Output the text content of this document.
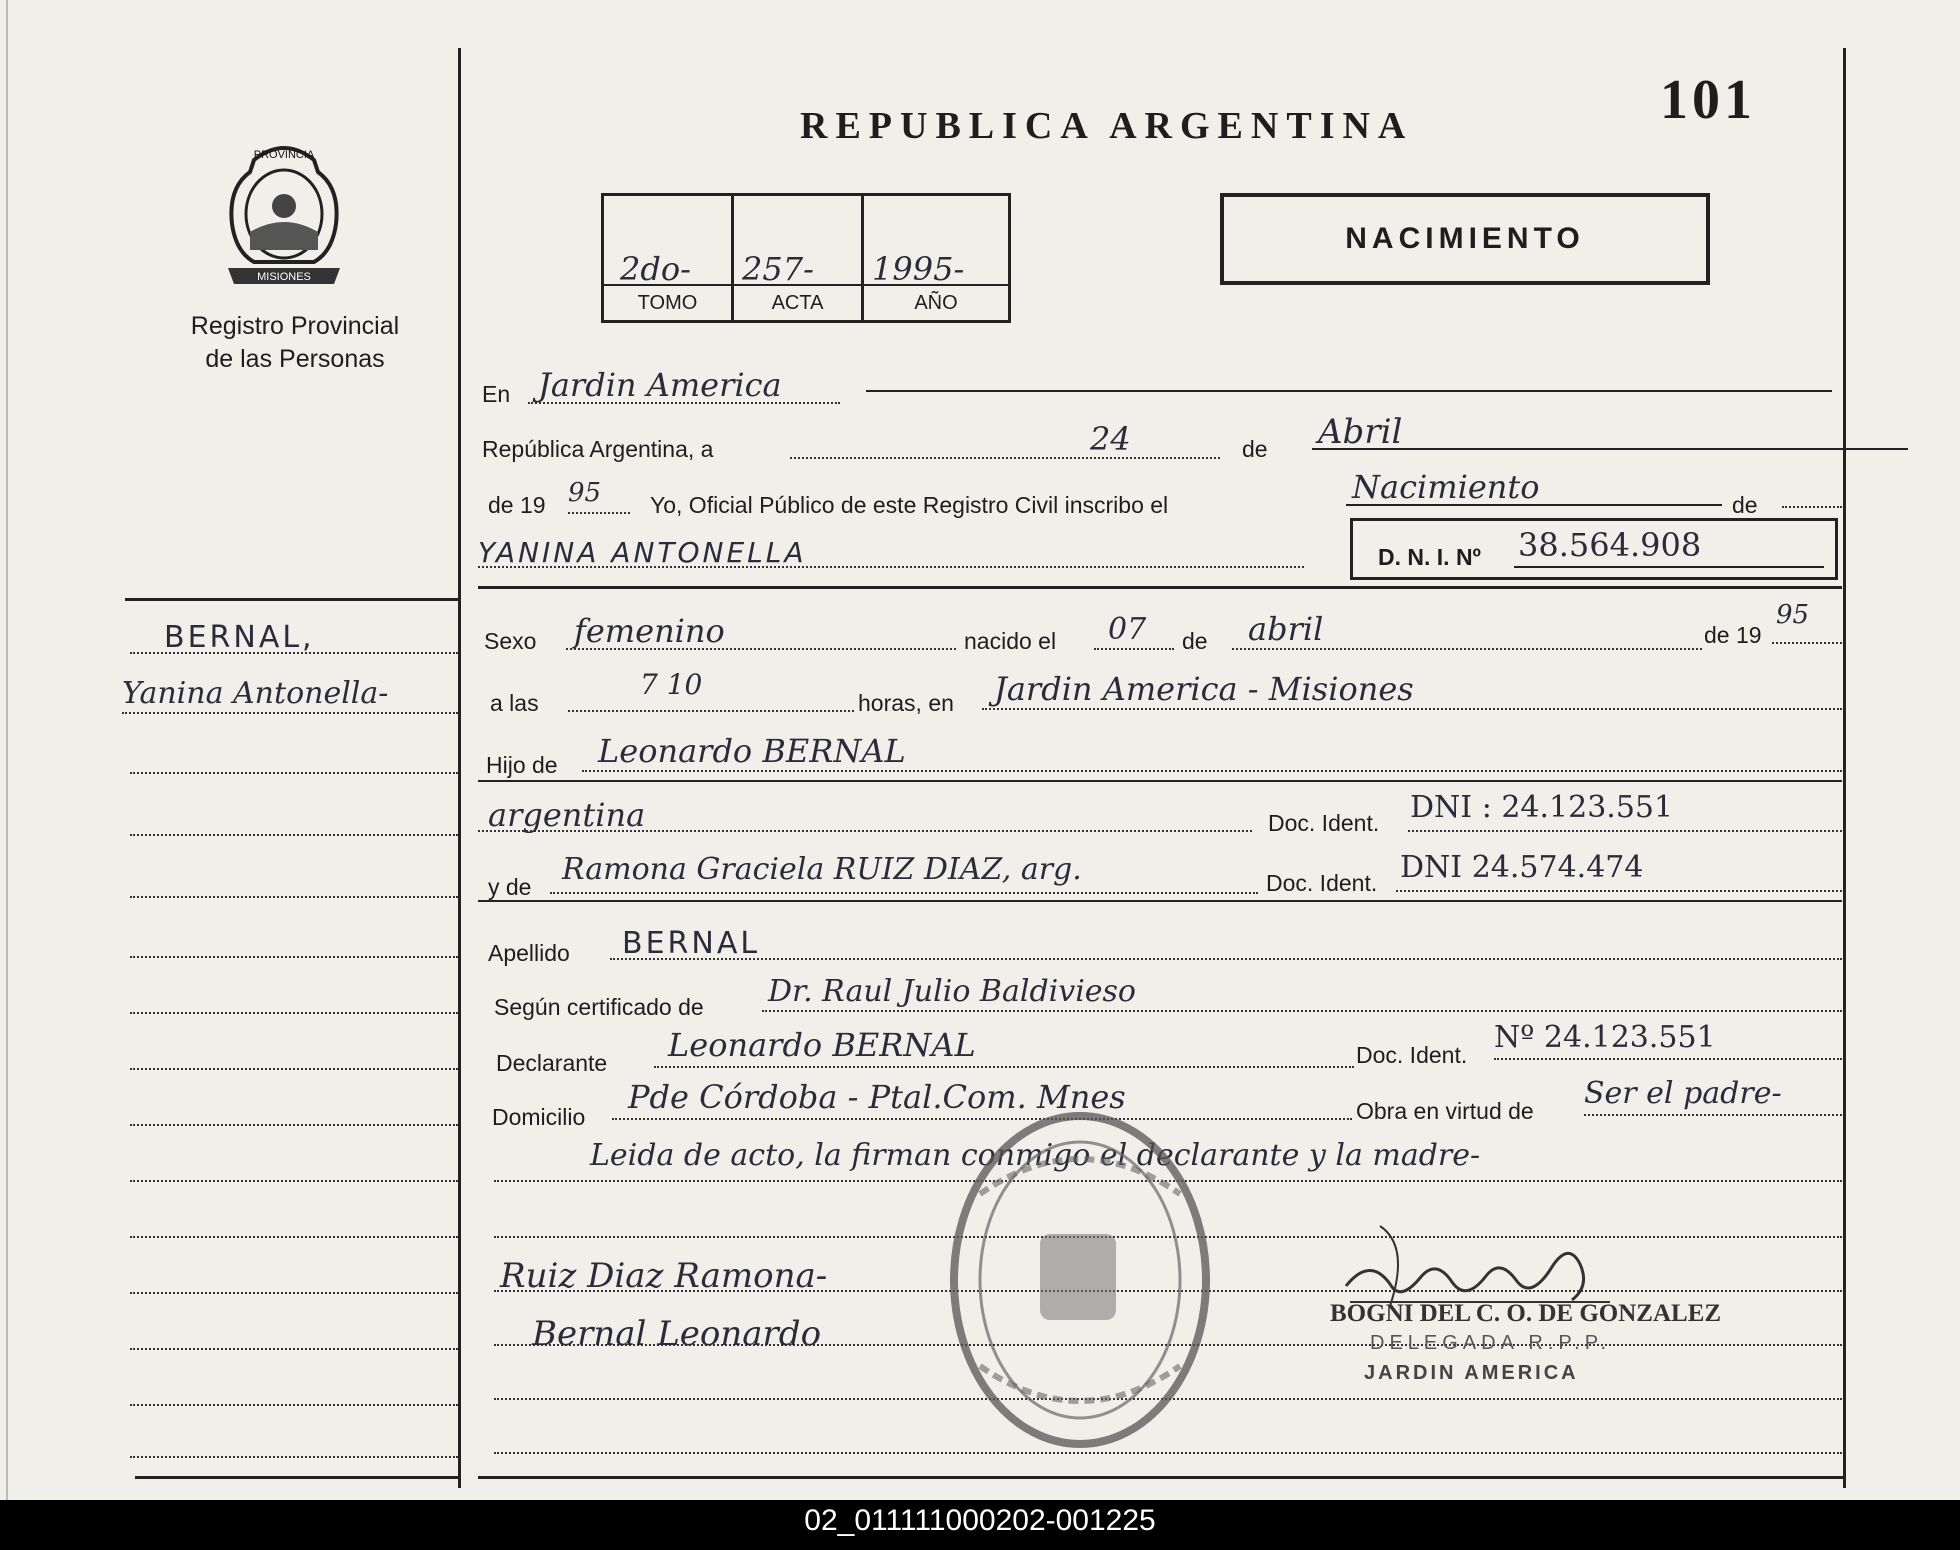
PROVINCIA
MISIONES
Registro Provincial
de las Personas
REPUBLICA ARGENTINA	101
2do- 257- 1995-
TOMO	ACTA	AÑO
NACIMIENTO
En Jardin America
República Argentina, a	24	de Abril
de 19 95 Yo, Oficial Público de este Registro Civil inscribo el	Nacimiento	de
YANINA ANTONELLA	D. N. I. Nº 38.564.908
Sexo femenino	nacido el 07 de abril	de 19
95
a las
7 10
horas, en Jardin America - Misiones
Hijo de Leonardo BERNAL
argentina	Doc. Ident. DNI : 24.123.551
y de Ramona Graciela RUIZ DIAZ, arg.	Doc. Ident. DNI 24.574.474
Apellido BERNAL
Según certificado de Dr. Raul Julio Baldivieso
Declarante Leonardo BERNAL	Doc. Ident. Nº 24.123.551
Domicilio
Pde Córdoba - Ptal.Com. Mnes	Obra en virtud de Ser el padre-
Leida de acto, la firman conmigo el declarante y la madre-
Ruiz Diaz Ramona-
Bernal Leonardo
BOGNI DEL C. O. DE GONZALEZ
DELEGADA R.P.P.
JARDIN AMERICA
BERNAL,
Yanina Antonella-
02_011111000202-001225
